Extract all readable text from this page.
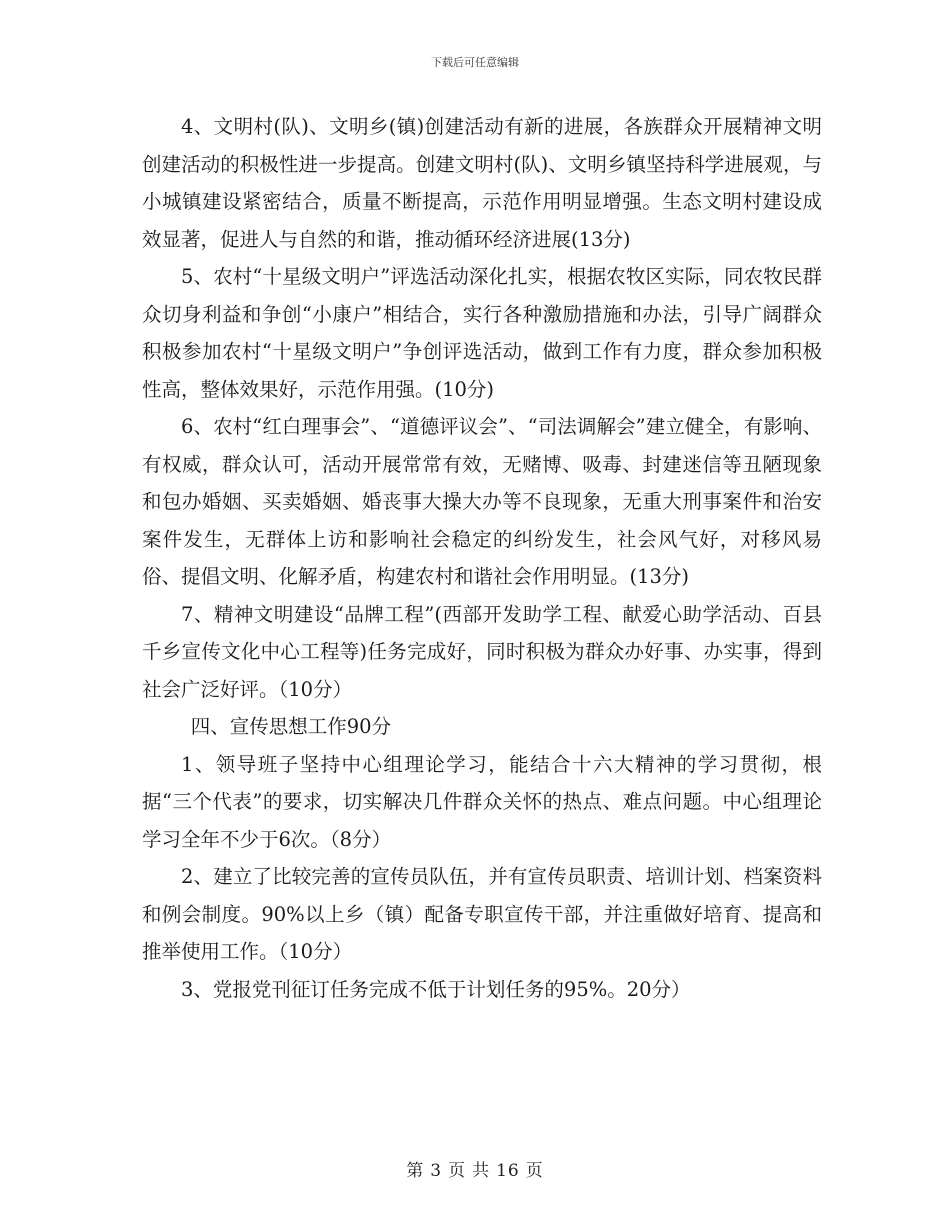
下载后可任意编辑

4、文明村(队)、文明乡(镇)创建活动有新的进展，各族群众开展精神文明创建活动的积极性进一步提高。创建文明村(队)、文明乡镇坚持科学进展观，与小城镇建设紧密结合，质量不断提高，示范作用明显增强。生态文明村建设成效显著，促进人与自然的和谐，推动循环经济进展(13分)

5、农村“十星级文明户”评选活动深化扎实，根据农牧区实际，同农牧民群众切身利益和争创“小康户”相结合，实行各种激励措施和办法，引导广阔群众积极参加农村“十星级文明户”争创评选活动，做到工作有力度，群众参加积极性高，整体效果好，示范作用强。(10分)

6、农村“红白理事会”、“道德评议会”、“司法调解会”建立健全，有影响、有权威，群众认可，活动开展常常有效，无赌博、吸毒、封建迷信等丑陋现象和包办婚姻、买卖婚姻、婚丧事大操大办等不良现象，无重大刑事案件和治安案件发生，无群体上访和影响社会稳定的纠纷发生，社会风气好，对移风易俗、提倡文明、化解矛盾，构建农村和谐社会作用明显。(13分)

7、精神文明建设“品牌工程”(西部开发助学工程、献爱心助学活动、百县千乡宣传文化中心工程等)任务完成好，同时积极为群众办好事、办实事，得到社会广泛好评。（10分）

四、宣传思想工作90分

1、领导班子坚持中心组理论学习，能结合十六大精神的学习贯彻，根据“三个代表”的要求，切实解决几件群众关怀的热点、难点问题。中心组理论学习全年不少于6次。（8分）

2、建立了比较完善的宣传员队伍，并有宣传员职责、培训计划、档案资料和例会制度。90%以上乡（镇）配备专职宣传干部，并注重做好培育、提高和推举使用工作。（10分）

3、党报党刊征订任务完成不低于计划任务的95%。20分）

第 3 页 共 16 页
